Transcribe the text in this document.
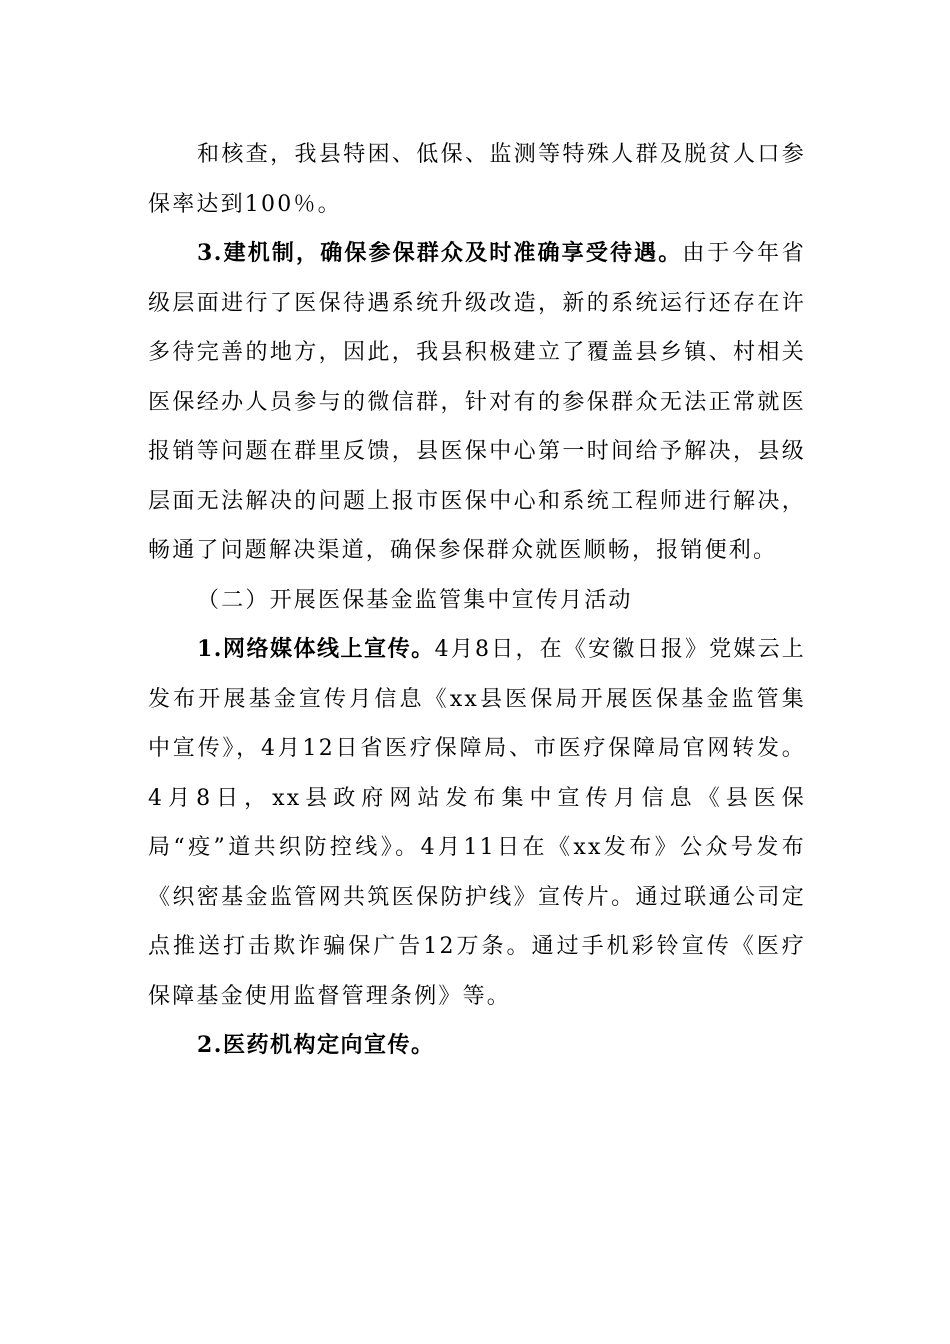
和核查，我县特困、低保、监测等特殊人群及脱贫人口参保率达到100％。

3.建机制，确保参保群众及时准确享受待遇。由于今年省级层面进行了医保待遇系统升级改造，新的系统运行还存在许多待完善的地方，因此，我县积极建立了覆盖县乡镇、村相关医保经办人员参与的微信群，针对有的参保群众无法正常就医报销等问题在群里反馈，县医保中心第一时间给予解决，县级层面无法解决的问题上报市医保中心和系统工程师进行解决，畅通了问题解决渠道，确保参保群众就医顺畅，报销便利。

（二）开展医保基金监管集中宣传月活动

1.网络媒体线上宣传。4月8日，在《安徽日报》党媒云上发布开展基金宣传月信息《xx县医保局开展医保基金监管集中宣传》，4月12日省医疗保障局、市医疗保障局官网转发。4月8日，xx县政府网站发布集中宣传月信息《县医保局“疫”道共织防控线》。4月11日在《xx发布》公众号发布《织密基金监管网共筑医保防护线》宣传片。通过联通公司定点推送打击欺诈骗保广告12万条。通过手机彩铃宣传《医疗保障基金使用监督管理条例》等。

2.医药机构定向宣传。
